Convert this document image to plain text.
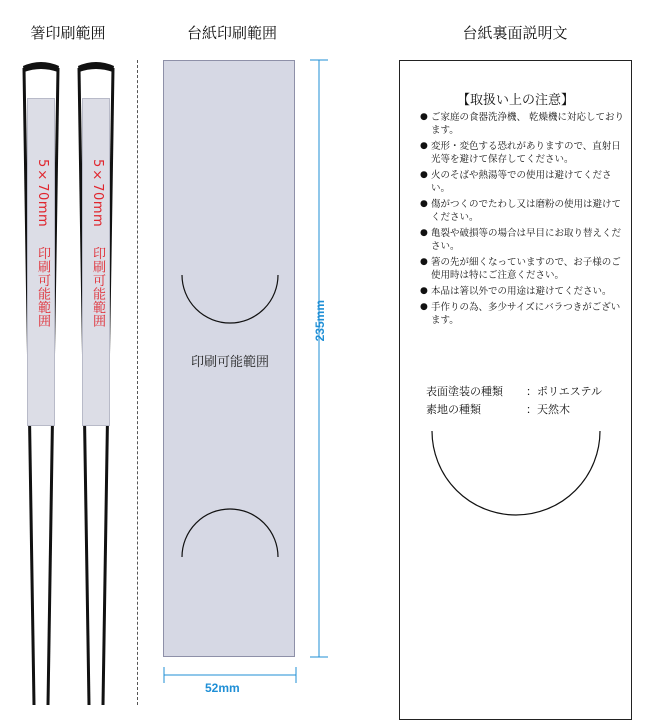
箸印刷範囲	台紙印刷範囲	台紙裏面説明文
5×70mm  印刷可能範囲
5×70mm  印刷可能範囲
印刷可能範囲
235mm
52mm
【取扱い上の注意】
● ご家庭の食器洗浄機、 乾燥機に対応しております。
● 変形・変色する恐れがありますので、直射日光等を避けて保存してください。
● 火のそばや熱湯等での使用は避けてください。
● 傷がつくのでたわし又は磨粉の使用は避けてください。
● 亀裂や破損等の場合は早目にお取り替えください。
● 箸の先が細くなっていますので、お子様のご使用時は特にご注意ください。
● 本品は箸以外での用途は避けてください。
● 手作りの為、多少サイズにバラつきがございます。
表面塗装の種類 ：ポリエステル
素地の種類	：天然木
